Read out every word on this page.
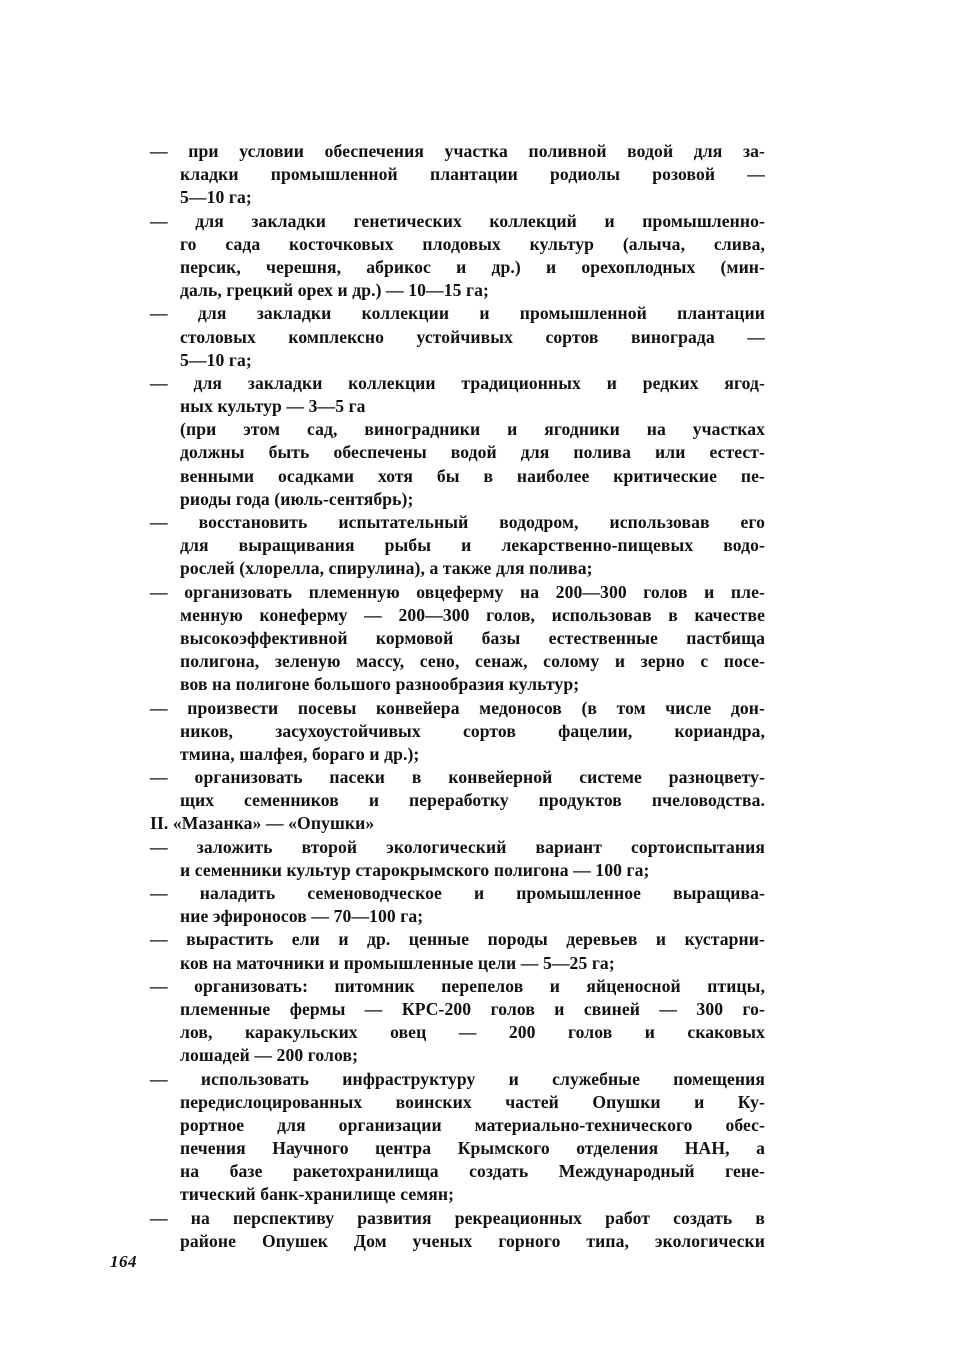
— при условии обеспечения участка поливной водой для за-
кладки промышленной плантации родиолы розовой —
5—10 га;
— для закладки генетических коллекций и промышленно-
го сада косточковых плодовых культур (алыча, слива,
персик, черешня, абрикос и др.) и орехоплодных (мин-
даль, грецкий орех и др.) — 10—15 га;
— для закладки коллекции и промышленной плантации
столовых комплексно устойчивых сортов винограда —
5—10 га;
— для закладки коллекции традиционных и редких ягод-
ных культур — 3—5 га
(при этом сад, виноградники и ягодники на участках
должны быть обеспечены водой для полива или естест-
венными осадками хотя бы в наиболее критические пе-
риоды года (июль-сентябрь);
— восстановить испытательный вододром, использовав его
для выращивания рыбы и лекарственно-пищевых водо-
рослей (хлорелла, спирулина), а также для полива;
— организовать племенную овцеферму на 200—300 голов и пле-
менную конеферму — 200—300 голов, использовав в качестве
высокоэффективной кормовой базы естественные пастбища
полигона, зеленую массу, сено, сенаж, солому и зерно с посе-
вов на полигоне большого разнообразия культур;
— произвести посевы конвейера медоносов (в том числе дон-
ников, засухоустойчивых сортов фацелии, кориандра,
тмина, шалфея, бораго и др.);
— организовать пасеки в конвейерной системе разноцвету-
щих семенников и переработку продуктов пчеловодства.
II. «Мазанка» — «Опушки»
— заложить второй экологический вариант сортоиспытания
и семенники культур старокрымского полигона — 100 га;
— наладить семеноводческое и промышленное выращива-
ние эфироносов — 70—100 га;
— вырастить ели и др. ценные породы деревьев и кустарни-
ков на маточники и промышленные цели — 5—25 га;
— организовать: питомник перепелов и яйценосной птицы,
племенные фермы — КРС-200 голов и свиней — 300 го-
лов, каракульских овец — 200 голов и скаковых
лошадей — 200 голов;
— использовать инфраструктуру и служебные помещения
передислоцированных воинских частей Опушки и Ку-
рортное для организации материально-технического обес-
печения Научного центра Крымского отделения НАН, а
на базе ракетохранилища создать Международный гене-
тический банк-хранилище семян;
— на перспективу развития рекреационных работ создать в
районе Опушек Дом ученых горного типа, экологически
164
